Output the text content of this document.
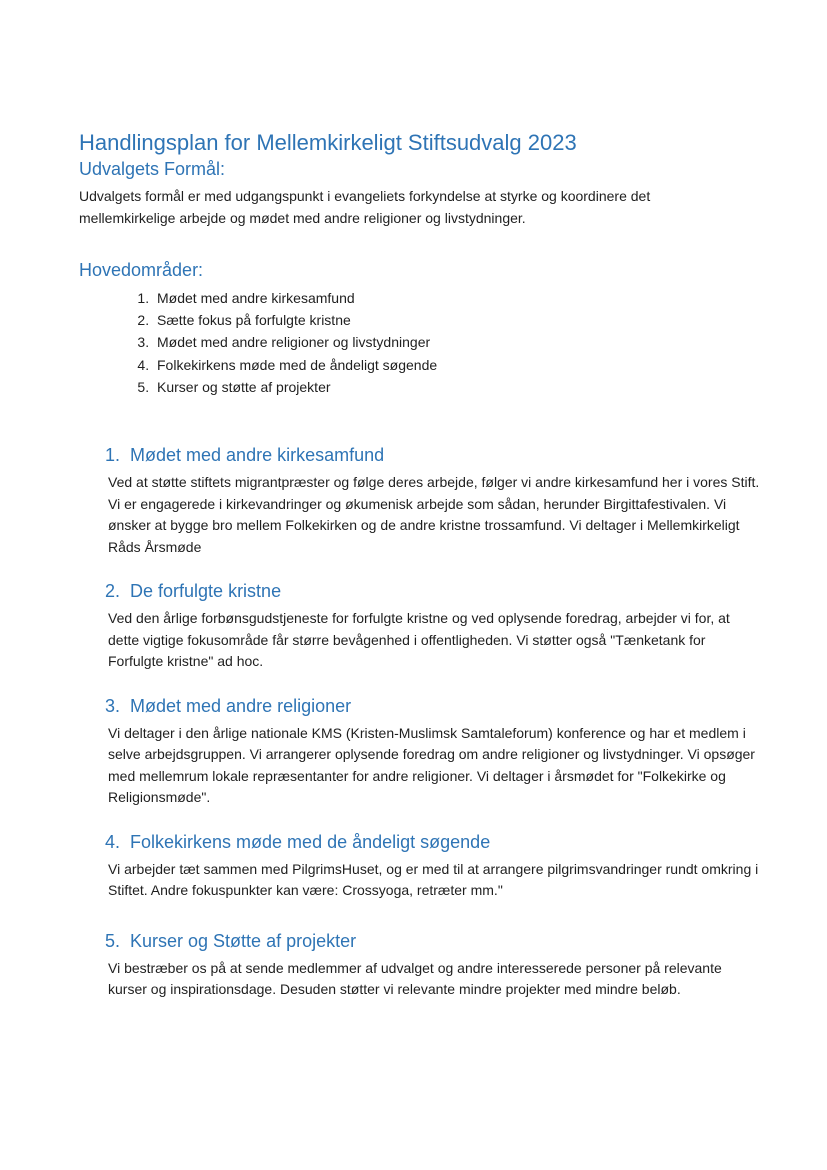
Handlingsplan for Mellemkirkeligt Stiftsudvalg 2023
Udvalgets Formål:

Udvalgets formål er med udgangspunkt i evangeliets forkyndelse at styrke og koordinere det mellemkirkelige arbejde og mødet med andre religioner og livstydninger.

Hovedområder:
1. Mødet med andre kirkesamfund
2. Sætte fokus på forfulgte kristne
3. Mødet med andre religioner og livstydninger
4. Folkekirkens møde med de åndeligt søgende
5. Kurser og støtte af projekter
1. Mødet med andre kirkesamfund

Ved at støtte stiftets migrantpræster og følge deres arbejde, følger vi andre kirkesamfund her i vores Stift. Vi er engagerede i kirkevandringer og økumenisk arbejde som sådan, herunder Birgittafestivalen. Vi ønsker at bygge bro mellem Folkekirken og de andre kristne trossamfund. Vi deltager i Mellemkirkeligt Råds Årsmøde

2. De forfulgte kristne

Ved den årlige forbønsgudstjeneste for forfulgte kristne og ved oplysende foredrag, arbejder vi for, at dette vigtige fokusområde får større bevågenhed i offentligheden. Vi støtter også "Tænketank for Forfulgte kristne" ad hoc.

3. Mødet med andre religioner

Vi deltager i den årlige nationale KMS (Kristen-Muslimsk Samtaleforum) konference og har et medlem i selve arbejdsgruppen. Vi arrangerer oplysende foredrag om andre religioner og livstydninger. Vi opsøger med mellemrum lokale repræsentanter for andre religioner. Vi deltager i årsmødet for "Folkekirke og Religionsmøde".

4. Folkekirkens møde med de åndeligt søgende

Vi arbejder tæt sammen med PilgrimsHuset, og er med til at arrangere pilgrimsvandringer rundt omkring i Stiftet. Andre fokuspunkter kan være: Crossyoga, retræter mm."

5. Kurser og Støtte af projekter

Vi bestræber os på at sende medlemmer af udvalget og andre interesserede personer på relevante kurser og inspirationsdage. Desuden støtter vi relevante mindre projekter med mindre beløb.
